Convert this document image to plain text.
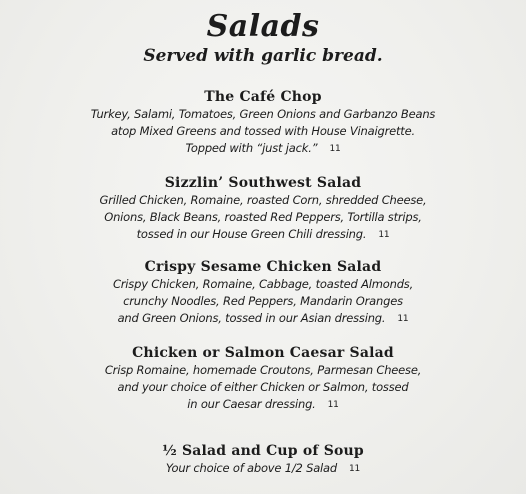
Salads
Served with garlic bread.
The Café Chop
Turkey, Salami, Tomatoes, Green Onions and Garbanzo Beans
atop Mixed Greens and tossed with House Vinaigrette.
Topped with “just jack.” 11
Sizzlin’ Southwest Salad
Grilled Chicken, Romaine, roasted Corn, shredded Cheese,
Onions, Black Beans, roasted Red Peppers, Tortilla strips,
tossed in our House Green Chili dressing. 11
Crispy Sesame Chicken Salad
Crispy Chicken, Romaine, Cabbage, toasted Almonds,
crunchy Noodles, Red Peppers, Mandarin Oranges
and Green Onions, tossed in our Asian dressing. 11
Chicken or Salmon Caesar Salad
Crisp Romaine, homemade Croutons, Parmesan Cheese,
and your choice of either Chicken or Salmon, tossed
in our Caesar dressing. 11
½ Salad and Cup of Soup
Your choice of above 1/2 Salad 11
